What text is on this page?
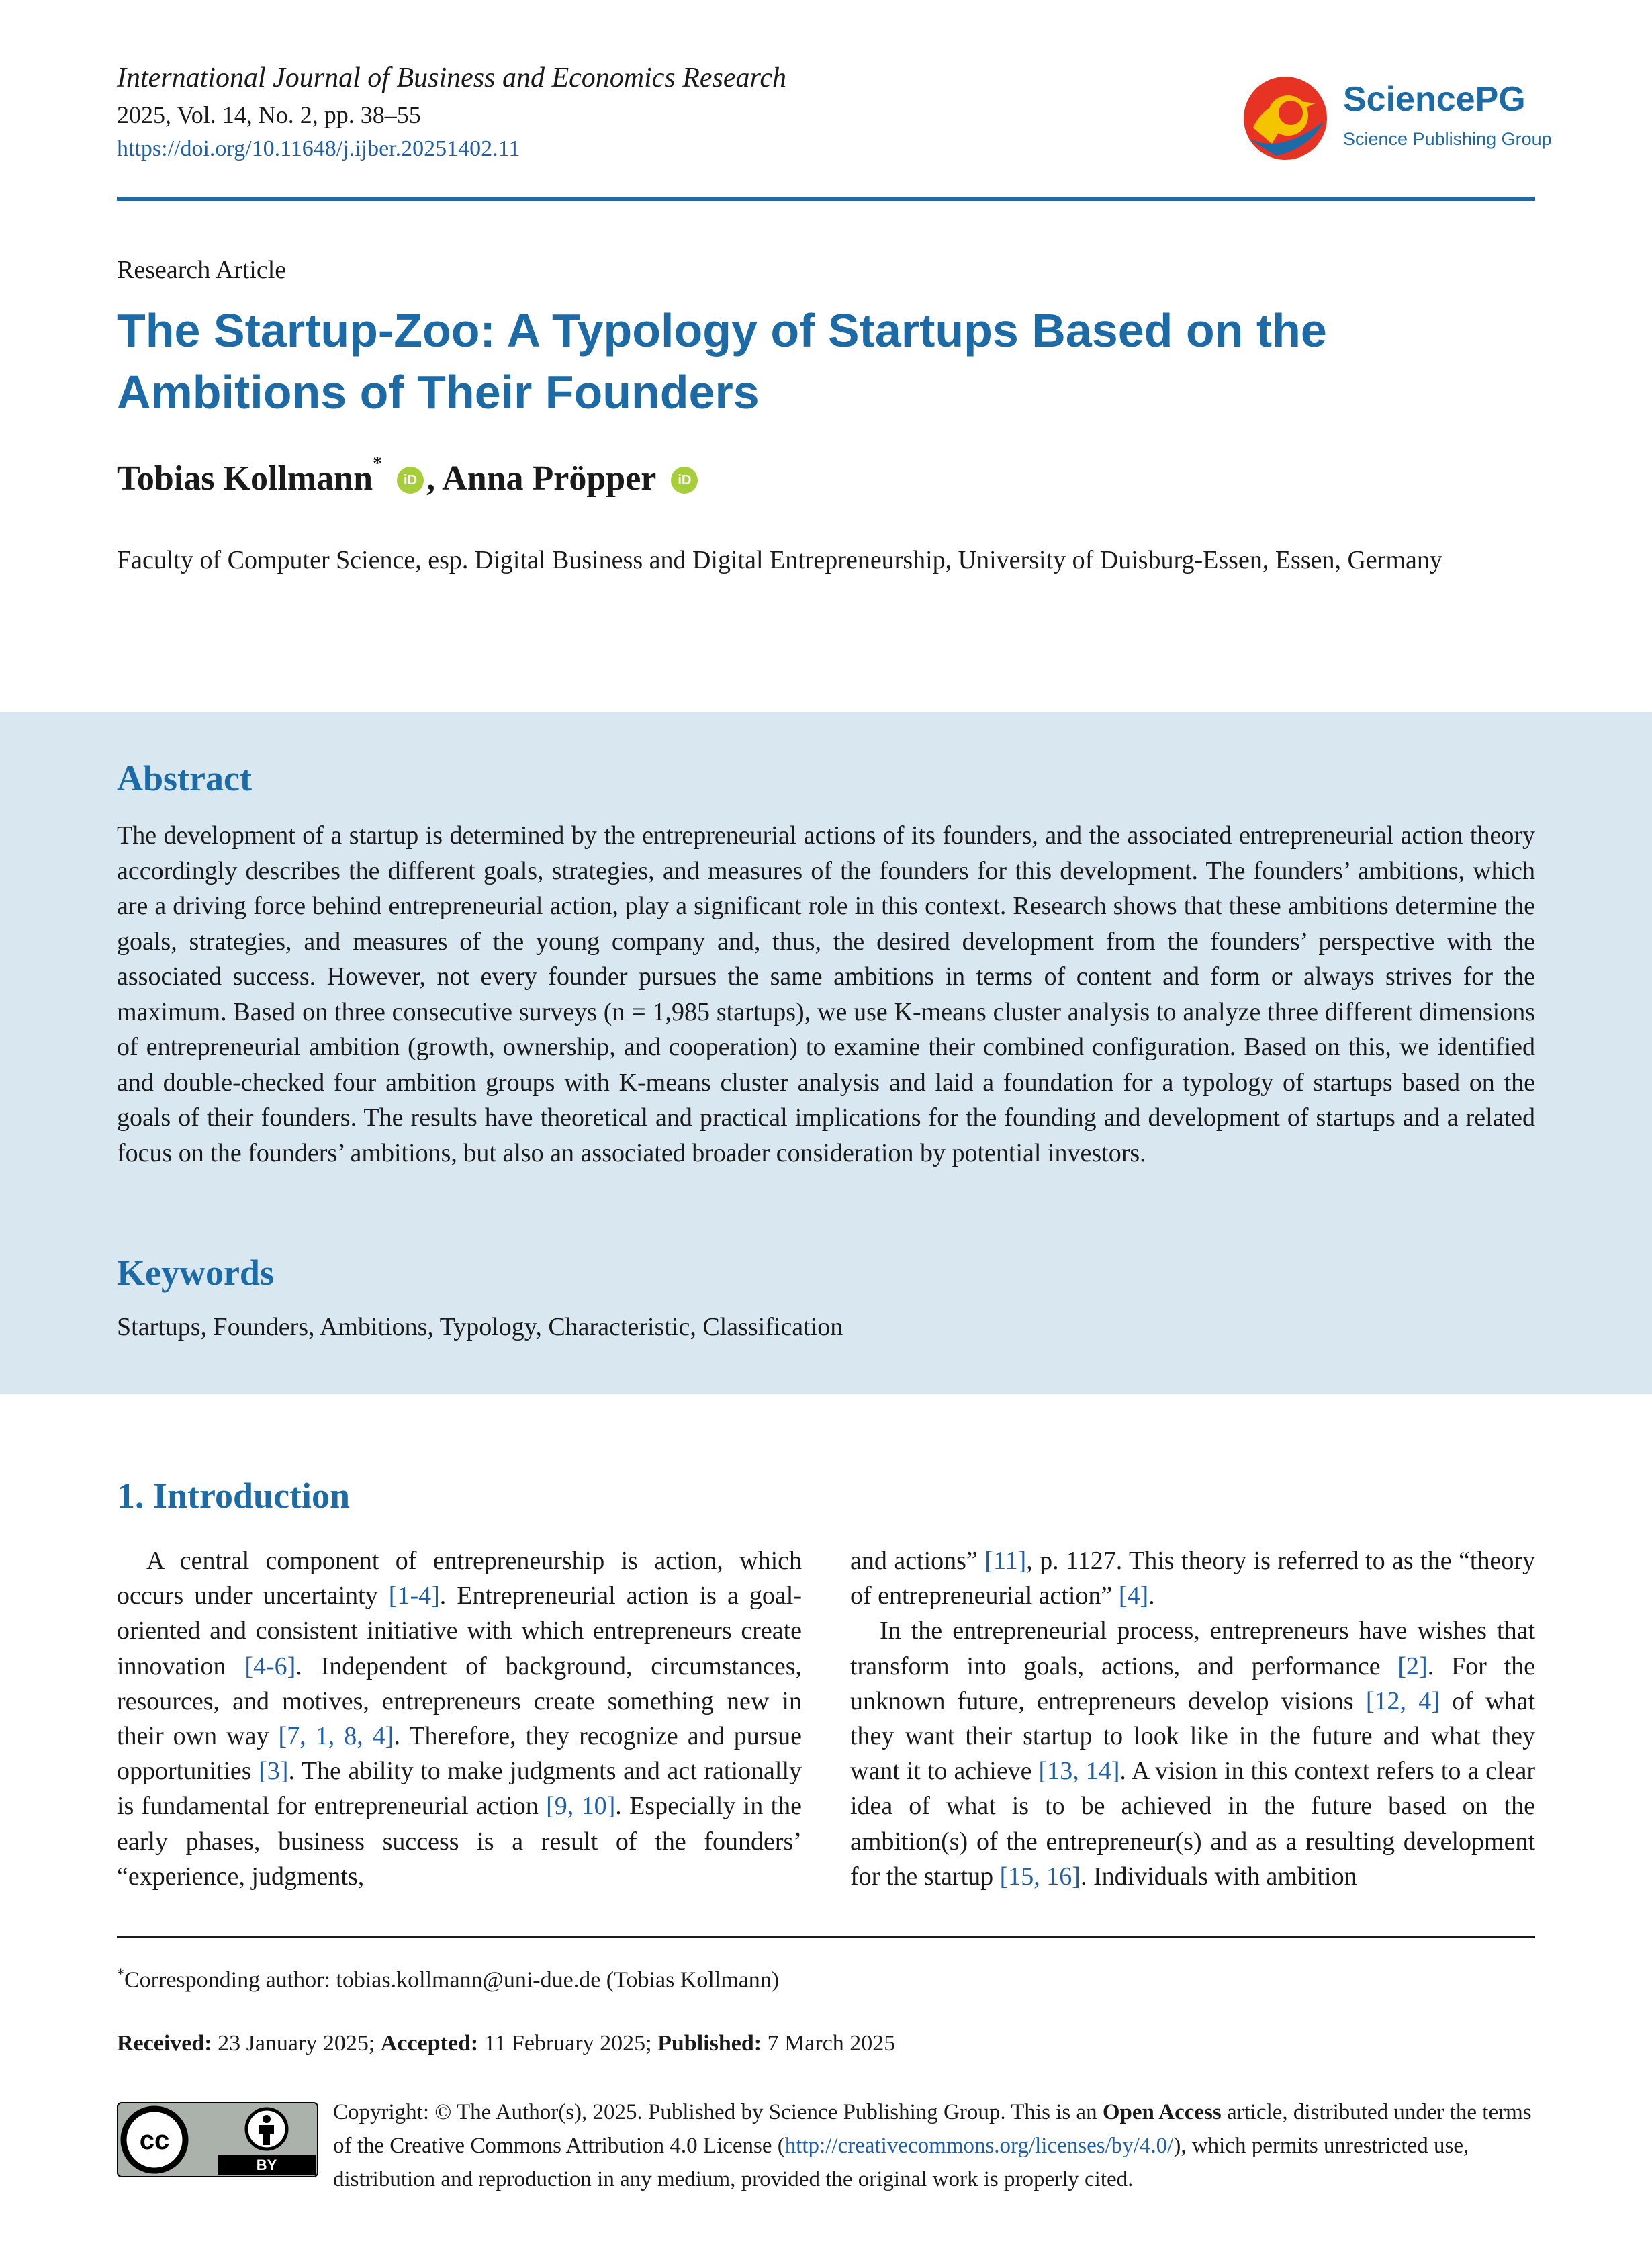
International Journal of Business and Economics Research
2025, Vol. 14, No. 2, pp. 38–55
https://doi.org/10.11648/j.ijber.20251402.11
SciencePG
Science Publishing Group
Research Article
The Startup-Zoo: A Typology of Startups Based on the Ambitions of Their Founders
Tobias Kollmann*iD , Anna Pröpper iD
Faculty of Computer Science, esp. Digital Business and Digital Entrepreneurship, University of Duisburg-Essen, Essen, Germany
Abstract
The development of a startup is determined by the entrepreneurial actions of its founders, and the associated entrepreneurial action theory accordingly describes the different goals, strategies, and measures of the founders for this development. The founders’ ambitions, which are a driving force behind entrepreneurial action, play a significant role in this context. Research shows that these ambitions determine the goals, strategies, and measures of the young company and, thus, the desired development from the founders’ perspective with the associated success. However, not every founder pursues the same ambitions in terms of content and form or always strives for the maximum. Based on three consecutive surveys (n = 1,985 startups), we use K-means cluster analysis to analyze three different dimensions of entrepreneurial ambition (growth, ownership, and cooperation) to examine their combined configuration. Based on this, we identified and double-checked four ambition groups with K-means cluster analysis and laid a foundation for a typology of startups based on the goals of their founders. The results have theoretical and practical implications for the founding and development of startups and a related focus on the founders’ ambitions, but also an associated broader consideration by potential investors.
Keywords
Startups, Founders, Ambitions, Typology, Characteristic, Classification
1. Introduction

A central component of entrepreneurship is action, which occurs under uncertainty [1-4]. Entrepreneurial action is a goal-oriented and consistent initiative with which entrepreneurs create innovation [4-6]. Independent of background, circumstances, resources, and motives, entrepreneurs create something new in their own way [7, 1, 8, 4]. Therefore, they recognize and pursue opportunities [3]. The ability to make judgments and act rationally is fundamental for entrepreneurial action [9, 10]. Especially in the early phases, business success is a result of the founders’ “experience, judgments,

and actions” [11], p. 1127. This theory is referred to as the “theory of entrepreneurial action” [4].

In the entrepreneurial process, entrepreneurs have wishes that transform into goals, actions, and performance [2]. For the unknown future, entrepreneurs develop visions [12, 4] of what they want their startup to look like in the future and what they want it to achieve [13, 14]. A vision in this context refers to a clear idea of what is to be achieved in the future based on the ambition(s) of the entrepreneur(s) and as a resulting development for the startup [15, 16]. Individuals with ambition

*Corresponding author: tobias.kollmann@uni-due.de (Tobias Kollmann)
Received: 23 January 2025; Accepted: 11 February 2025; Published: 7 March 2025
cc
BY
Copyright: © The Author(s), 2025. Published by Science Publishing Group. This is an Open Access article, distributed under the terms of the Creative Commons Attribution 4.0 License (http://creativecommons.org/licenses/by/4.0/), which permits unrestricted use, distribution and reproduction in any medium, provided the original work is properly cited.
